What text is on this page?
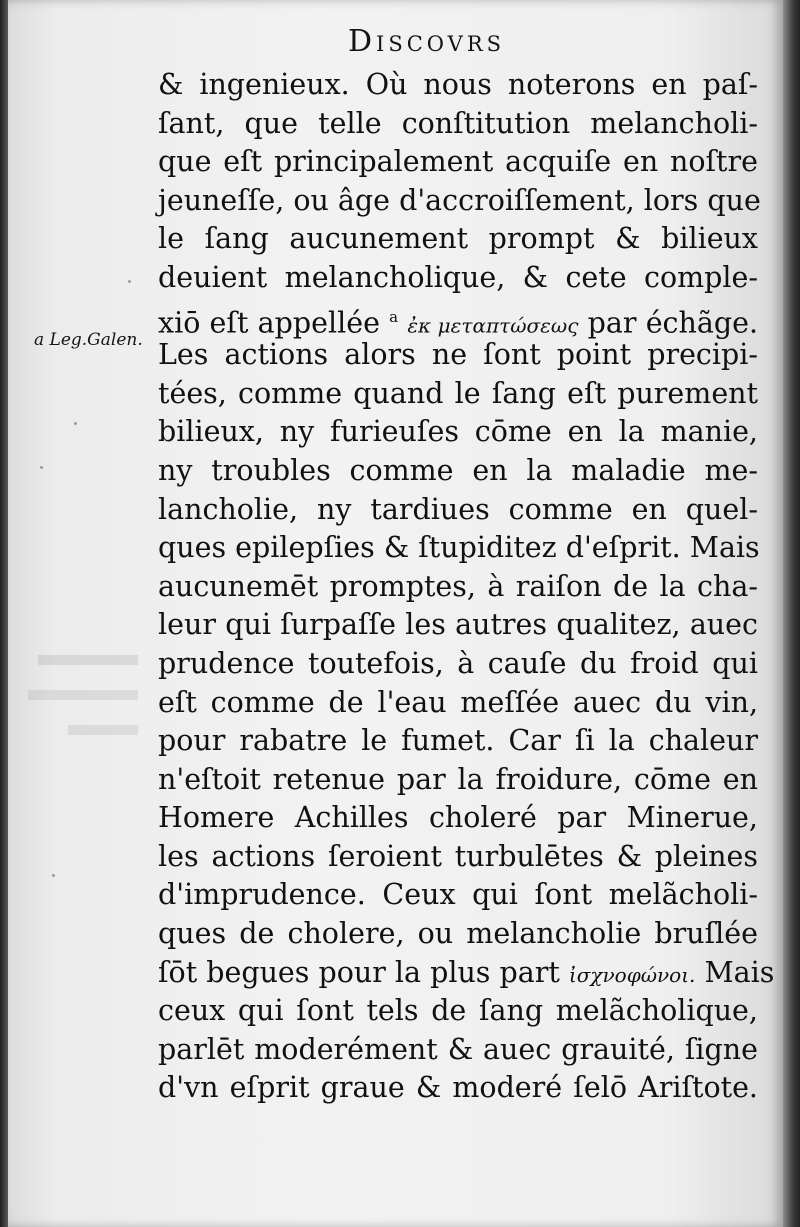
Discovrs
a Leg.Galen.
& ingenieux. Où nous noterons en paſ-
ſant, que telle conſtitution melancholi-
que eſt principalement acquiſe en noſtre
jeuneſſe, ou âge d'accroiſſement, lors que
le ſang aucunement prompt & bilieux
deuient melancholique, & cete comple-
xiō eſt appellée $^a$ ἐκ μεταπτώσεως par échãge.
Les actions alors ne ſont point precipi-
tées, comme quand le ſang eſt purement
bilieux, ny furieuſes cōme en la manie,
ny troubles comme en la maladie me-
lancholie, ny tardiues comme en quel-
ques epilepſies & ſtupiditez d'eſprit. Mais
aucunemēt promptes, à raiſon de la cha-
leur qui ſurpaſſe les autres qualitez, auec
prudence toutefois, à cauſe du froid qui
eſt comme de l'eau meſſée auec du vin,
pour rabatre le fumet. Car ſi la chaleur
n'eſtoit retenue par la froidure, cōme en
Homere Achilles choleré par Minerue,
les actions ſeroient turbulētes & pleines
d'imprudence. Ceux qui ſont melãcholi-
ques de cholere, ou melancholie bruſlée
ſōt begues pour la plus part ἰσχνοφώνοι. Mais
ceux qui ſont tels de ſang melãcholique,
parlēt moderément & auec grauité, ſigne
d'vn eſprit graue & moderé ſelō Ariſtote.
